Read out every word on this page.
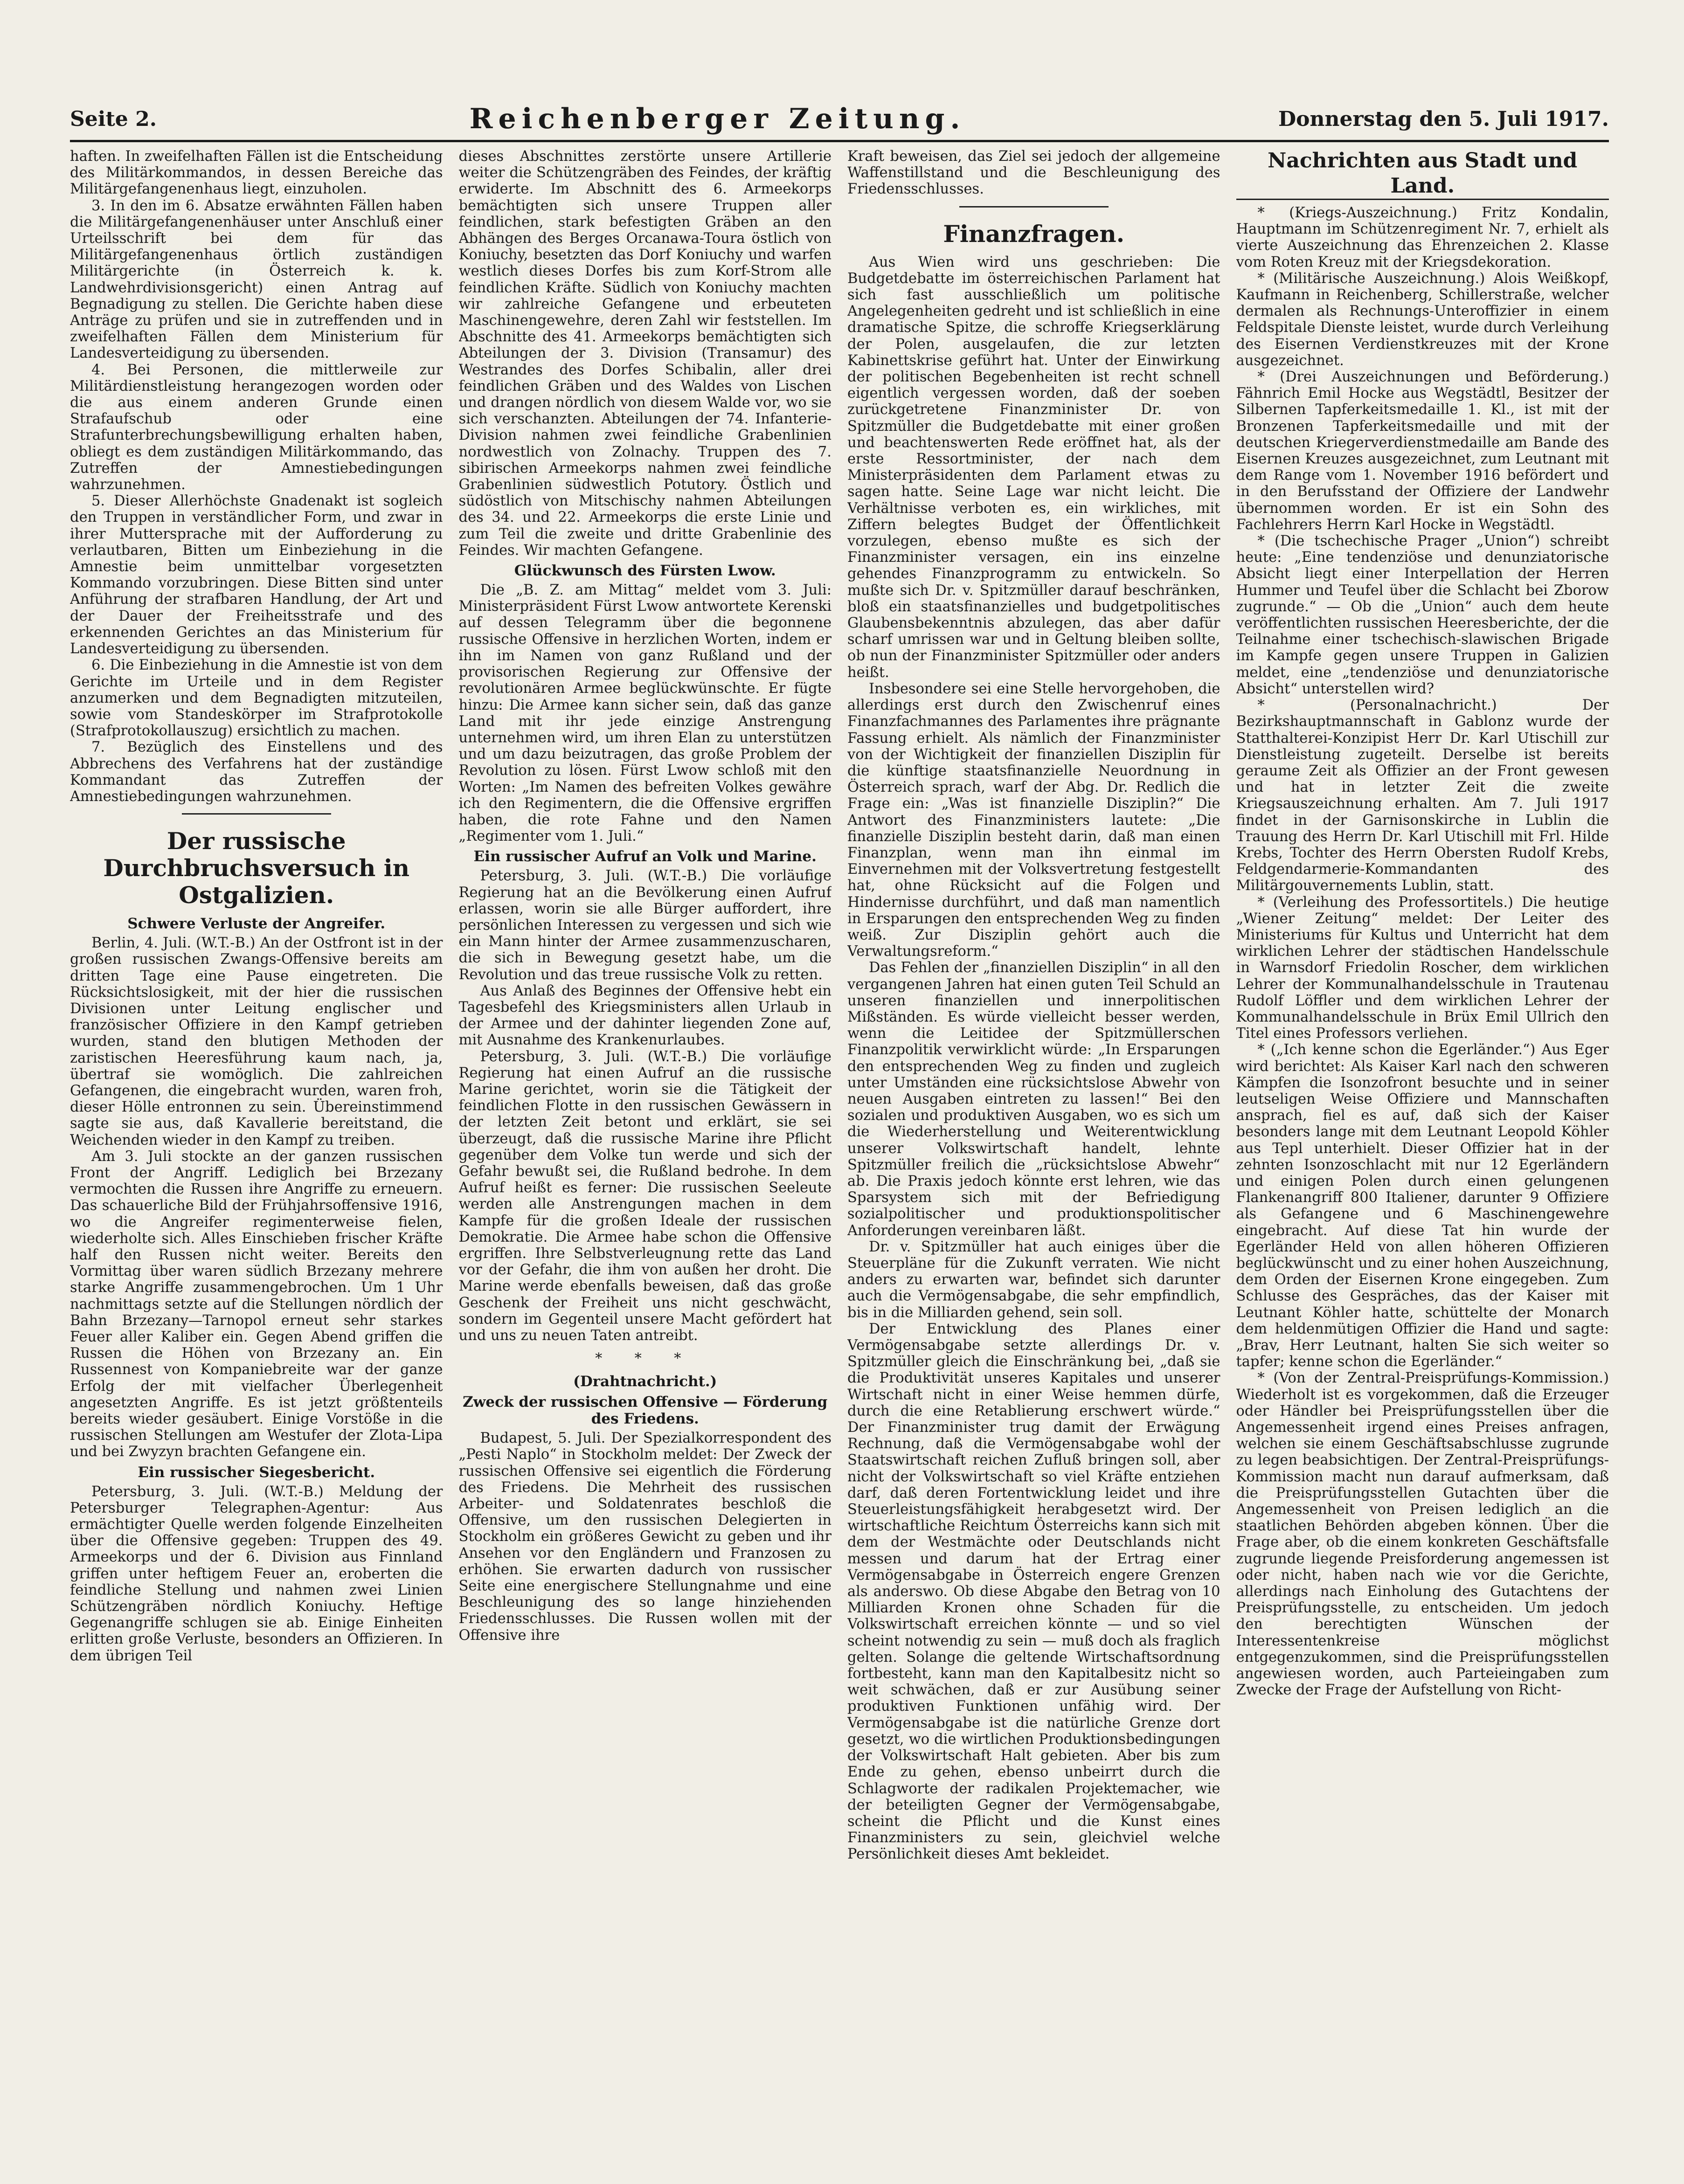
Seite 2.	Reichenberger Zeitung.	Donnerstag den 5. Juli 1917.

haften. In zweifelhaften Fällen ist die Entscheidung des Militärkommandos, in dessen Bereiche das Militärgefangenenhaus liegt, einzuholen.

3. In den im 6. Absatze erwähnten Fällen haben die Militärgefangenenhäuser unter Anschluß einer Urteilsschrift bei dem für das Militärgefangenenhaus örtlich zuständigen Militärgerichte (in Österreich k. k. Landwehrdivisionsgericht) einen Antrag auf Begnadigung zu stellen. Die Gerichte haben diese Anträge zu prüfen und sie in zutreffenden und in zweifelhaften Fällen dem Ministerium für Landesverteidigung zu übersenden.

4. Bei Personen, die mittlerweile zur Militärdienstleistung herangezogen worden oder die aus einem anderen Grunde einen Strafaufschub oder eine Strafunterbrechungsbewilligung erhalten haben, obliegt es dem zuständigen Militärkommando, das Zutreffen der Amnestiebedingungen wahrzunehmen.

5. Dieser Allerhöchste Gnadenakt ist sogleich den Truppen in verständlicher Form, und zwar in ihrer Muttersprache mit der Aufforderung zu verlautbaren, Bitten um Einbeziehung in die Amnestie beim unmittelbar vorgesetzten Kommando vorzubringen. Diese Bitten sind unter Anführung der strafbaren Handlung, der Art und der Dauer der Freiheitsstrafe und des erkennenden Gerichtes an das Ministerium für Landesverteidigung zu übersenden.

6. Die Einbeziehung in die Amnestie ist von dem Gerichte im Urteile und in dem Register anzumerken und dem Begnadigten mitzuteilen, sowie vom Standeskörper im Strafprotokolle (Strafprotokollauszug) ersichtlich zu machen.

7. Bezüglich des Einstellens und des Abbrechens des Verfahrens hat der zuständige Kommandant das Zutreffen der Amnestiebedingungen wahrzunehmen.

Der russische Durchbruchsversuch in Ostgalizien.
Schwere Verluste der Angreifer.

Berlin, 4. Juli. (W.T.-B.) An der Ostfront ist in der großen russischen Zwangs-Offensive bereits am dritten Tage eine Pause eingetreten. Die Rücksichtslosigkeit, mit der hier die russischen Divisionen unter Leitung englischer und französischer Offiziere in den Kampf getrieben wurden, stand den blutigen Methoden der zaristischen Heeresführung kaum nach, ja, übertraf sie womöglich. Die zahlreichen Gefangenen, die eingebracht wurden, waren froh, dieser Hölle entronnen zu sein. Übereinstimmend sagte sie aus, daß Kavallerie bereitstand, die Weichenden wieder in den Kampf zu treiben.

Am 3. Juli stockte an der ganzen russischen Front der Angriff. Lediglich bei Brzezany vermochten die Russen ihre Angriffe zu erneuern. Das schauerliche Bild der Frühjahrsoffensive 1916, wo die Angreifer regimenterweise fielen, wiederholte sich. Alles Einschieben frischer Kräfte half den Russen nicht weiter. Bereits den Vormittag über waren südlich Brzezany mehrere starke Angriffe zusammengebrochen. Um 1 Uhr nachmittags setzte auf die Stellungen nördlich der Bahn Brzezany—Tarnopol erneut sehr starkes Feuer aller Kaliber ein. Gegen Abend griffen die Russen die Höhen von Brzezany an. Ein Russennest von Kompaniebreite war der ganze Erfolg der mit vielfacher Überlegenheit angesetzten Angriffe. Es ist jetzt größtenteils bereits wieder gesäubert. Einige Vorstöße in die russischen Stellungen am Westufer der Zlota-Lipa und bei Zwyzyn brachten Gefangene ein.

Ein russischer Siegesbericht.

Petersburg, 3. Juli. (W.T.-B.) Meldung der Petersburger Telegraphen-Agentur: Aus ermächtigter Quelle werden folgende Einzelheiten über die Offensive gegeben: Truppen des 49. Armeekorps und der 6. Division aus Finnland griffen unter heftigem Feuer an, eroberten die feindliche Stellung und nahmen zwei Linien Schützengräben nördlich Koniuchy. Heftige Gegenangriffe schlugen sie ab. Einige Einheiten erlitten große Verluste, besonders an Offizieren. In dem übrigen Teil

dieses Abschnittes zerstörte unsere Artillerie weiter die Schützengräben des Feindes, der kräftig erwiderte. Im Abschnitt des 6. Armeekorps bemächtigten sich unsere Truppen aller feindlichen, stark befestigten Gräben an den Abhängen des Berges Orcanawa-Toura östlich von Koniuchy, besetzten das Dorf Koniuchy und warfen westlich dieses Dorfes bis zum Korf-Strom alle feindlichen Kräfte. Südlich von Koniuchy machten wir zahlreiche Gefangene und erbeuteten Maschinengewehre, deren Zahl wir feststellen. Im Abschnitte des 41. Armeekorps bemächtigten sich Abteilungen der 3. Division (Transamur) des Westrandes des Dorfes Schibalin, aller drei feindlichen Gräben und des Waldes von Lischen und drangen nördlich von diesem Walde vor, wo sie sich verschanzten. Abteilungen der 74. Infanterie-Division nahmen zwei feindliche Grabenlinien nordwestlich von Zolnachy. Truppen des 7. sibirischen Armeekorps nahmen zwei feindliche Grabenlinien südwestlich Potutory. Östlich und südöstlich von Mitschischy nahmen Abteilungen des 34. und 22. Armeekorps die erste Linie und zum Teil die zweite und dritte Grabenlinie des Feindes. Wir machten Gefangene.

Glückwunsch des Fürsten Lwow.

Die „B. Z. am Mittag“ meldet vom 3. Juli: Ministerpräsident Fürst Lwow antwortete Kerenski auf dessen Telegramm über die begonnene russische Offensive in herzlichen Worten, indem er ihn im Namen von ganz Rußland und der provisorischen Regierung zur Offensive der revolutionären Armee beglückwünschte. Er fügte hinzu: Die Armee kann sicher sein, daß das ganze Land mit ihr jede einzige Anstrengung unternehmen wird, um ihren Elan zu unterstützen und um dazu beizutragen, das große Problem der Revolution zu lösen. Fürst Lwow schloß mit den Worten: „Im Namen des befreiten Volkes gewähre ich den Regimentern, die die Offensive ergriffen haben, die rote Fahne und den Namen „Regimenter vom 1. Juli.“

Ein russischer Aufruf an Volk und Marine.

Petersburg, 3. Juli. (W.T.-B.) Die vorläufige Regierung hat an die Bevölkerung einen Aufruf erlassen, worin sie alle Bürger auffordert, ihre persönlichen Interessen zu vergessen und sich wie ein Mann hinter der Armee zusammenzuscharen, die sich in Bewegung gesetzt habe, um die Revolution und das treue russische Volk zu retten.

Aus Anlaß des Beginnes der Offensive hebt ein Tagesbefehl des Kriegsministers allen Urlaub in der Armee und der dahinter liegenden Zone auf, mit Ausnahme des Krankenurlaubes.

Petersburg, 3. Juli. (W.T.-B.) Die vorläufige Regierung hat einen Aufruf an die russische Marine gerichtet, worin sie die Tätigkeit der feindlichen Flotte in den russischen Gewässern in der letzten Zeit betont und erklärt, sie sei überzeugt, daß die russische Marine ihre Pflicht gegenüber dem Volke tun werde und sich der Gefahr bewußt sei, die Rußland bedrohe. In dem Aufruf heißt es ferner: Die russischen Seeleute werden alle Anstrengungen machen in dem Kampfe für die großen Ideale der russischen Demokratie. Die Armee habe schon die Offensive ergriffen. Ihre Selbstverleugnung rette das Land vor der Gefahr, die ihm von außen her droht. Die Marine werde ebenfalls beweisen, daß das große Geschenk der Freiheit uns nicht geschwächt, sondern im Gegenteil unsere Macht gefördert hat und uns zu neuen Taten antreibt.

* * *
(Drahtnachricht.)
Zweck der russischen Offensive — Förderung des Friedens.

Budapest, 5. Juli. Der Spezialkorrespondent des „Pesti Naplo“ in Stockholm meldet: Der Zweck der russischen Offensive sei eigentlich die Förderung des Friedens. Die Mehrheit des russischen Arbeiter- und Soldatenrates beschloß die Offensive, um den russischen Delegierten in Stockholm ein größeres Gewicht zu geben und ihr Ansehen vor den Engländern und Franzosen zu erhöhen. Sie erwarten dadurch von russischer Seite eine energischere Stellungnahme und eine Beschleunigung des so lange hinziehenden Friedensschlusses. Die Russen wollen mit der Offensive ihre

Kraft beweisen, das Ziel sei jedoch der allgemeine Waffenstillstand und die Beschleunigung des Friedensschlusses.

Finanzfragen.

Aus Wien wird uns geschrieben: Die Budgetdebatte im österreichischen Parlament hat sich fast ausschließlich um politische Angelegenheiten gedreht und ist schließlich in eine dramatische Spitze, die schroffe Kriegserklärung der Polen, ausgelaufen, die zur letzten Kabinettskrise geführt hat. Unter der Einwirkung der politischen Begebenheiten ist recht schnell eigentlich vergessen worden, daß der soeben zurückgetretene Finanzminister Dr. von Spitzmüller die Budgetdebatte mit einer großen und beachtenswerten Rede eröffnet hat, als der erste Ressortminister, der nach dem Ministerpräsidenten dem Parlament etwas zu sagen hatte. Seine Lage war nicht leicht. Die Verhältnisse verboten es, ein wirkliches, mit Ziffern belegtes Budget der Öffentlichkeit vorzulegen, ebenso mußte es sich der Finanzminister versagen, ein ins einzelne gehendes Finanzprogramm zu entwickeln. So mußte sich Dr. v. Spitzmüller darauf beschränken, bloß ein staatsfinanzielles und budgetpolitisches Glaubensbekenntnis abzulegen, das aber dafür scharf umrissen war und in Geltung bleiben sollte, ob nun der Finanzminister Spitzmüller oder anders heißt.

Insbesondere sei eine Stelle hervorgehoben, die allerdings erst durch den Zwischenruf eines Finanzfachmannes des Parlamentes ihre prägnante Fassung erhielt. Als nämlich der Finanzminister von der Wichtigkeit der finanziellen Disziplin für die künftige staatsfinanzielle Neuordnung in Österreich sprach, warf der Abg. Dr. Redlich die Frage ein: „Was ist finanzielle Disziplin?“ Die Antwort des Finanzministers lautete: „Die finanzielle Disziplin besteht darin, daß man einen Finanzplan, wenn man ihn einmal im Einvernehmen mit der Volksvertretung festgestellt hat, ohne Rücksicht auf die Folgen und Hindernisse durchführt, und daß man namentlich in Ersparungen den entsprechenden Weg zu finden weiß. Zur Disziplin gehört auch die Verwaltungsreform.“

Das Fehlen der „finanziellen Disziplin“ in all den vergangenen Jahren hat einen guten Teil Schuld an unseren finanziellen und innerpolitischen Mißständen. Es würde vielleicht besser werden, wenn die Leitidee der Spitzmüllerschen Finanzpolitik verwirklicht würde: „In Ersparungen den entsprechenden Weg zu finden und zugleich unter Umständen eine rücksichtslose Abwehr von neuen Ausgaben eintreten zu lassen!“ Bei den sozialen und produktiven Ausgaben, wo es sich um die Wiederherstellung und Weiterentwicklung unserer Volkswirtschaft handelt, lehnte Spitzmüller freilich die „rücksichtslose Abwehr“ ab. Die Praxis jedoch könnte erst lehren, wie das Sparsystem sich mit der Befriedigung sozialpolitischer und produktionspolitischer Anforderungen vereinbaren läßt.

Dr. v. Spitzmüller hat auch einiges über die Steuerpläne für die Zukunft verraten. Wie nicht anders zu erwarten war, befindet sich darunter auch die Vermögensabgabe, die sehr empfindlich, bis in die Milliarden gehend, sein soll.

Der Entwicklung des Planes einer Vermögensabgabe setzte allerdings Dr. v. Spitzmüller gleich die Einschränkung bei, „daß sie die Produktivität unseres Kapitales und unserer Wirtschaft nicht in einer Weise hemmen dürfe, durch die eine Retablierung erschwert würde.“ Der Finanzminister trug damit der Erwägung Rechnung, daß die Vermögensabgabe wohl der Staatswirtschaft reichen Zufluß bringen soll, aber nicht der Volkswirtschaft so viel Kräfte entziehen darf, daß deren Fortentwicklung leidet und ihre Steuerleistungsfähigkeit herabgesetzt wird. Der wirtschaftliche Reichtum Österreichs kann sich mit dem der Westmächte oder Deutschlands nicht messen und darum hat der Ertrag einer Vermögensabgabe in Österreich engere Grenzen als anderswo. Ob diese Abgabe den Betrag von 10 Milliarden Kronen ohne Schaden für die Volkswirtschaft erreichen könnte — und so viel scheint notwendig zu sein — muß doch als fraglich gelten. Solange die geltende Wirtschaftsordnung fortbesteht, kann man den Kapitalbesitz nicht so weit schwächen, daß er zur Ausübung seiner produktiven Funktionen unfähig wird. Der Vermögensabgabe ist die natürliche Grenze dort gesetzt, wo die wirtlichen Produktionsbedingungen der Volkswirtschaft Halt gebieten. Aber bis zum Ende zu gehen, ebenso unbeirrt durch die Schlagworte der radikalen Projektemacher, wie der beteiligten Gegner der Vermögensabgabe, scheint die Pflicht und die Kunst eines Finanzministers zu sein, gleichviel welche Persönlichkeit dieses Amt bekleidet.

Nachrichten aus Stadt und Land.

* (Kriegs-Auszeichnung.) Fritz Kondalin, Hauptmann im Schützenregiment Nr. 7, erhielt als vierte Auszeichnung das Ehrenzeichen 2. Klasse vom Roten Kreuz mit der Kriegsdekoration.

* (Militärische Auszeichnung.) Alois Weißkopf, Kaufmann in Reichenberg, Schillerstraße, welcher dermalen als Rechnungs-Unteroffizier in einem Feldspitale Dienste leistet, wurde durch Verleihung des Eisernen Verdienstkreuzes mit der Krone ausgezeichnet.

* (Drei Auszeichnungen und Beförderung.) Fähnrich Emil Hocke aus Wegstädtl, Besitzer der Silbernen Tapferkeitsmedaille 1. Kl., ist mit der Bronzenen Tapferkeitsmedaille und mit der deutschen Kriegerverdienstmedaille am Bande des Eisernen Kreuzes ausgezeichnet, zum Leutnant mit dem Range vom 1. November 1916 befördert und in den Berufsstand der Offiziere der Landwehr übernommen worden. Er ist ein Sohn des Fachlehrers Herrn Karl Hocke in Wegstädtl.

* (Die tschechische Prager „Union“) schreibt heute: „Eine tendenziöse und denunziatorische Absicht liegt einer Interpellation der Herren Hummer und Teufel über die Schlacht bei Zborow zugrunde.“ — Ob die „Union“ auch dem heute veröffentlichten russischen Heeresberichte, der die Teilnahme einer tschechisch-slawischen Brigade im Kampfe gegen unsere Truppen in Galizien meldet, eine „tendenziöse und denunziatorische Absicht“ unterstellen wird?

* (Personalnachricht.) Der Bezirkshauptmannschaft in Gablonz wurde der Statthalterei-Konzipist Herr Dr. Karl Utischill zur Dienstleistung zugeteilt. Derselbe ist bereits geraume Zeit als Offizier an der Front gewesen und hat in letzter Zeit die zweite Kriegsauszeichnung erhalten. Am 7. Juli 1917 findet in der Garnisonskirche in Lublin die Trauung des Herrn Dr. Karl Utischill mit Frl. Hilde Krebs, Tochter des Herrn Obersten Rudolf Krebs, Feldgendarmerie-Kommandanten des Militärgouvernements Lublin, statt.

* (Verleihung des Professortitels.) Die heutige „Wiener Zeitung“ meldet: Der Leiter des Ministeriums für Kultus und Unterricht hat dem wirklichen Lehrer der städtischen Handelsschule in Warnsdorf Friedolin Roscher, dem wirklichen Lehrer der Kommunalhandelsschule in Trautenau Rudolf Löffler und dem wirklichen Lehrer der Kommunalhandelsschule in Brüx Emil Ullrich den Titel eines Professors verliehen.

* („Ich kenne schon die Egerländer.“) Aus Eger wird berichtet: Als Kaiser Karl nach den schweren Kämpfen die Isonzofront besuchte und in seiner leutseligen Weise Offiziere und Mannschaften ansprach, fiel es auf, daß sich der Kaiser besonders lange mit dem Leutnant Leopold Köhler aus Tepl unterhielt. Dieser Offizier hat in der zehnten Isonzoschlacht mit nur 12 Egerländern und einigen Polen durch einen gelungenen Flankenangriff 800 Italiener, darunter 9 Offiziere als Gefangene und 6 Maschinengewehre eingebracht. Auf diese Tat hin wurde der Egerländer Held von allen höheren Offizieren beglückwünscht und zu einer hohen Auszeichnung, dem Orden der Eisernen Krone eingegeben. Zum Schlusse des Gespräches, das der Kaiser mit Leutnant Köhler hatte, schüttelte der Monarch dem heldenmütigen Offizier die Hand und sagte: „Brav, Herr Leutnant, halten Sie sich weiter so tapfer; kenne schon die Egerländer.“

* (Von der Zentral-Preisprüfungs-Kommission.) Wiederholt ist es vorgekommen, daß die Erzeuger oder Händler bei Preisprüfungsstellen über die Angemessenheit irgend eines Preises anfragen, welchen sie einem Geschäftsabschlusse zugrunde zu legen beabsichtigen. Der Zentral-Preisprüfungs-Kommission macht nun darauf aufmerksam, daß die Preisprüfungsstellen Gutachten über die Angemessenheit von Preisen lediglich an die staatlichen Behörden abgeben können. Über die Frage aber, ob die einem konkreten Geschäftsfalle zugrunde liegende Preisforderung angemessen ist oder nicht, haben nach wie vor die Gerichte, allerdings nach Einholung des Gutachtens der Preisprüfungsstelle, zu entscheiden. Um jedoch den berechtigten Wünschen der Interessentenkreise möglichst entgegenzukommen, sind die Preisprüfungsstellen angewiesen worden, auch Parteieingaben zum Zwecke der Frage der Aufstellung von Richt-
